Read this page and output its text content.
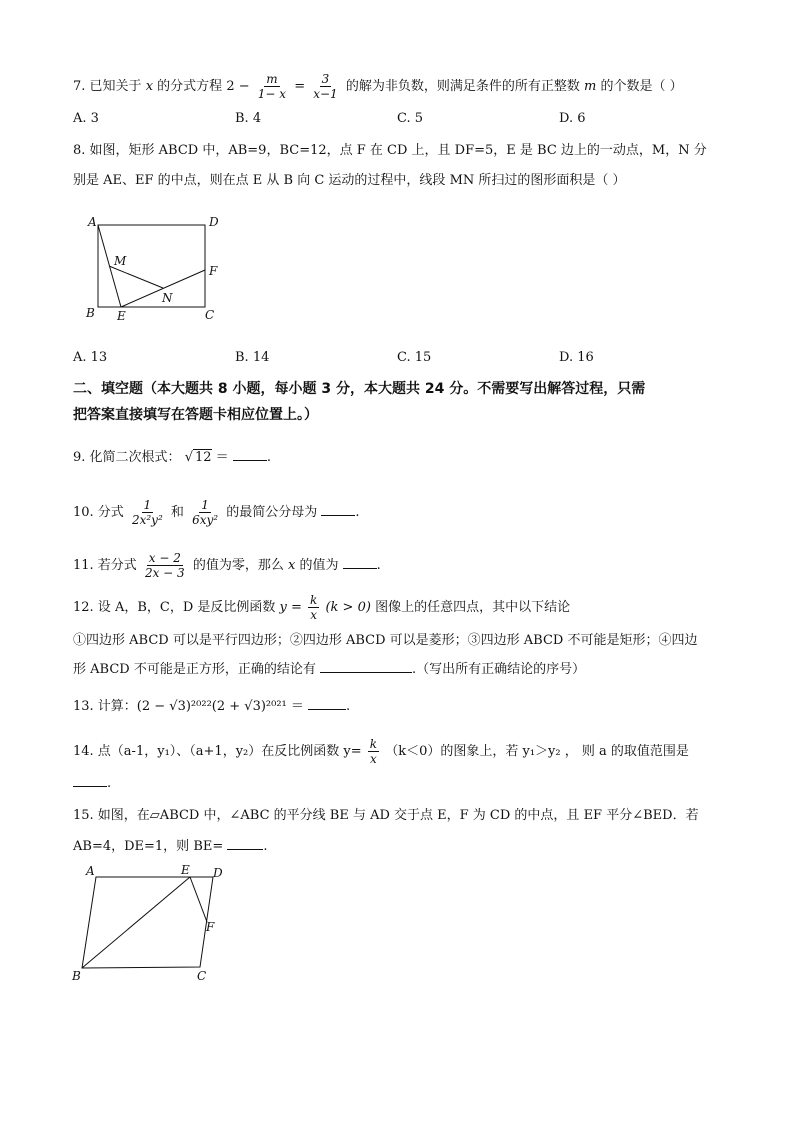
7. 已知关于 x 的分式方程 $2 - \frac{m}{1- x} = \frac{3}{x-1}$ 的解为非负数，则满足条件的所有正整数 m 的个数是（ ）
A. 3	B. 4	C. 5	D. 6
8. 如图，矩形 ABCD 中，AB=9，BC=12，点 F 在 CD 上，且 DF=5，E 是 BC 边上的一动点，M，N 分
别是 AE、EF 的中点，则在点 E 从 B 向 C 运动的过程中，线段 MN 所扫过的图形面积是（ ）
A	D
M
F
N
B E	C
A. 13	B. 14	C. 15	D. 16
二、填空题（本大题共 8 小题，每小题 3 分，本大题共 24 分。不需要写出解答过程，只需
把答案直接填写在答题卡相应位置上。）
9. 化简二次根式： √ 12 ＝	.
10. 分式 $\frac{1}{\text{2x²y²}}$ 和 $\frac{1}{\text{6xy²}}$ 的最简公分母为	.
11. 若分式 $\frac{x - 2}{2x - 3}$ 的值为零，那么 x 的值为	.
12. 设 A，B，C，D 是反比例函数 $y = \frac{k}{x} (k > 0)$ 图像上的任意四点，其中以下结论
①四边形 ABCD 可以是平行四边形；②四边形 ABCD 可以是菱形；③四边形 ABCD 不可能是矩形；④四边
形 ABCD 不可能是正方形，正确的结论有	.（写出所有正确结论的序号）
13. 计算：(2 − √3)²⁰²²(2 + √3)²⁰²¹ ＝	.
14. 点（a-1，y₁）、（a+1，y₂）在反比例函数 $y= \frac{k}{x} (k<0)$的图象上，若 y₁＞y₂ ， 则 a 的取值范围是
.
15. 如图，在▱ABCD 中，∠ABC 的平分线 BE 与 AD 交于点 E，F 为 CD 的中点，且 EF 平分∠BED．若
AB=4，DE=1，则 BE=	.
A	E D
F
B	C
